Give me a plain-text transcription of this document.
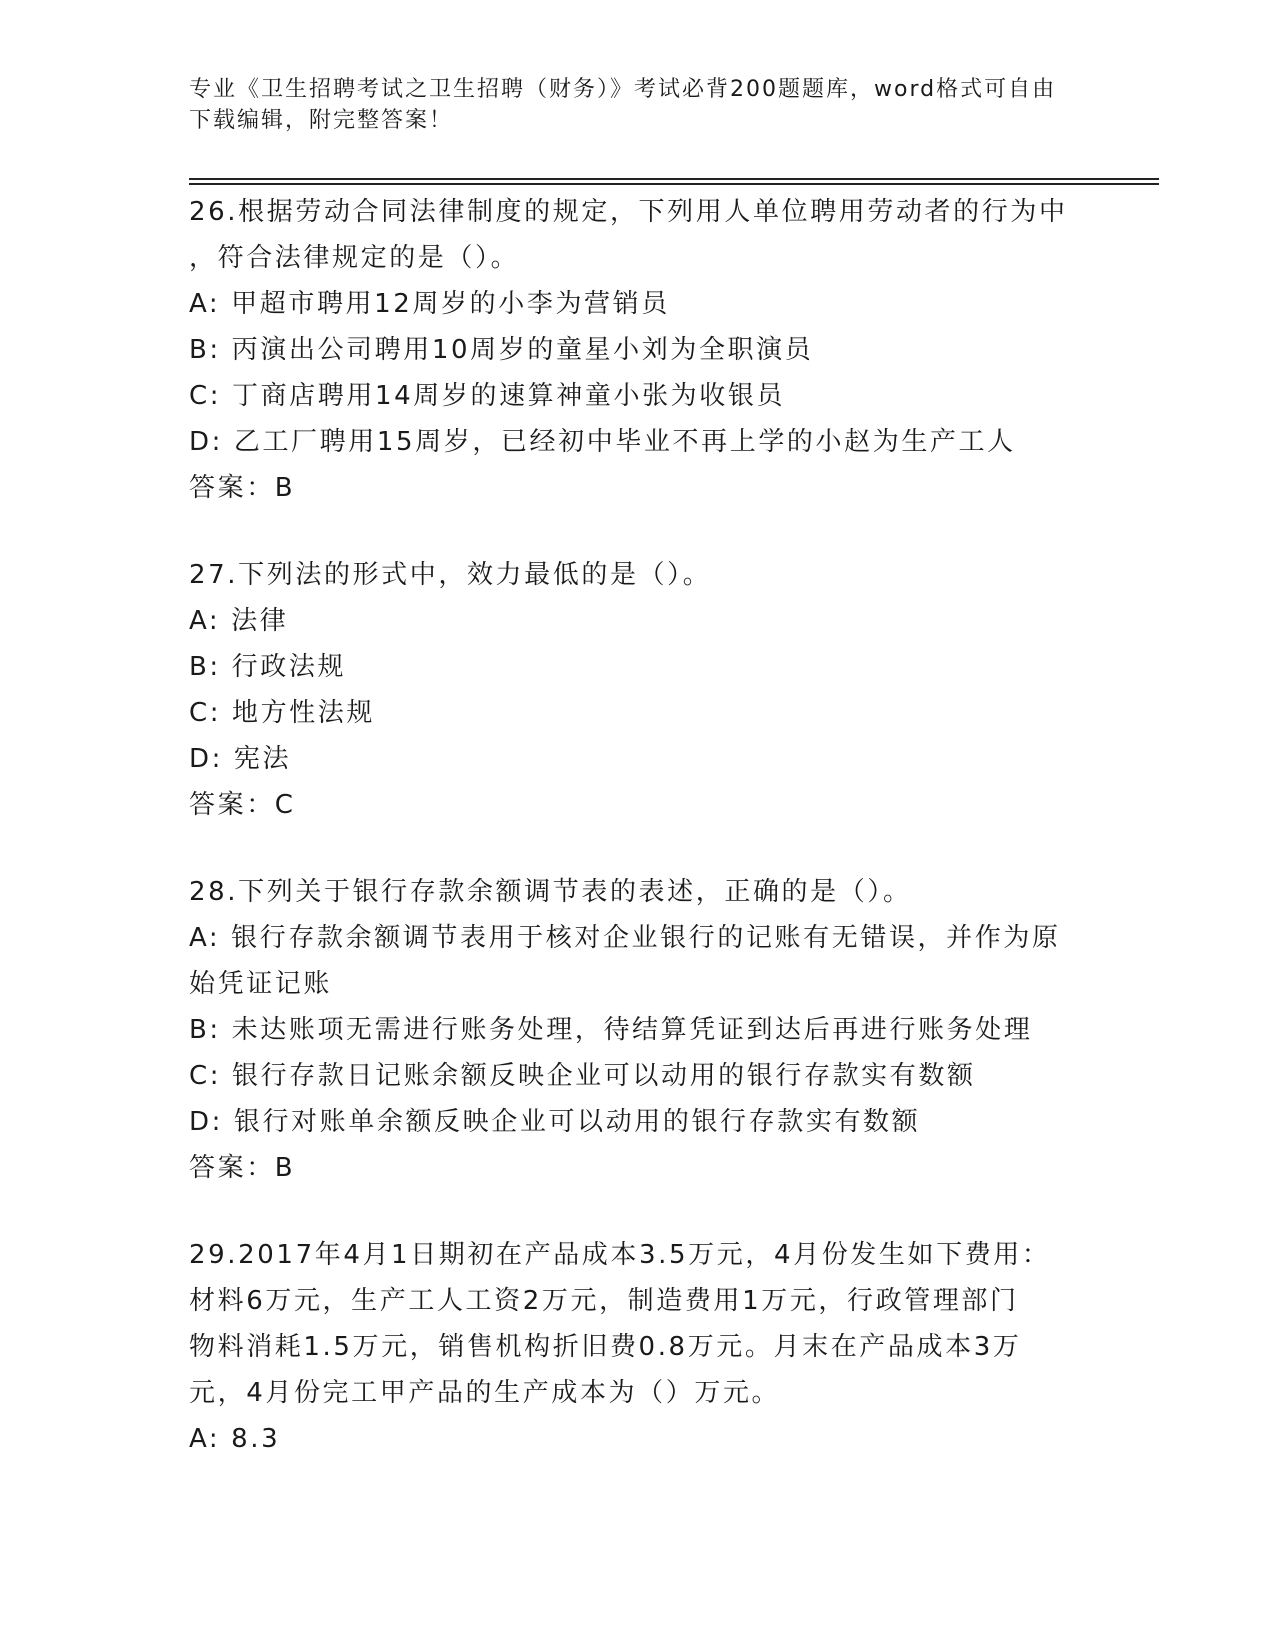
专业《卫生招聘考试之卫生招聘（财务）》考试必背200题题库，word格式可自由下载编辑，附完整答案！
26.根据劳动合同法律制度的规定，下列用人单位聘用劳动者的行为中
，符合法律规定的是（）。
A: 甲超市聘用12周岁的小李为营销员
B: 丙演出公司聘用10周岁的童星小刘为全职演员
C: 丁商店聘用14周岁的速算神童小张为收银员
D: 乙工厂聘用15周岁，已经初中毕业不再上学的小赵为生产工人
答案：B
27.下列法的形式中，效力最低的是（）。
A: 法律
B: 行政法规
C: 地方性法规
D: 宪法
答案：C
28.下列关于银行存款余额调节表的表述，正确的是（）。
A: 银行存款余额调节表用于核对企业银行的记账有无错误，并作为原
始凭证记账
B: 未达账项无需进行账务处理，待结算凭证到达后再进行账务处理
C: 银行存款日记账余额反映企业可以动用的银行存款实有数额
D: 银行对账单余额反映企业可以动用的银行存款实有数额
答案：B
29.2017年4月1日期初在产品成本3.5万元，4月份发生如下费用：
材料6万元，生产工人工资2万元，制造费用1万元，行政管理部门
物料消耗1.5万元，销售机构折旧费0.8万元。月末在产品成本3万
元，4月份完工甲产品的生产成本为（）万元。
A: 8.3
